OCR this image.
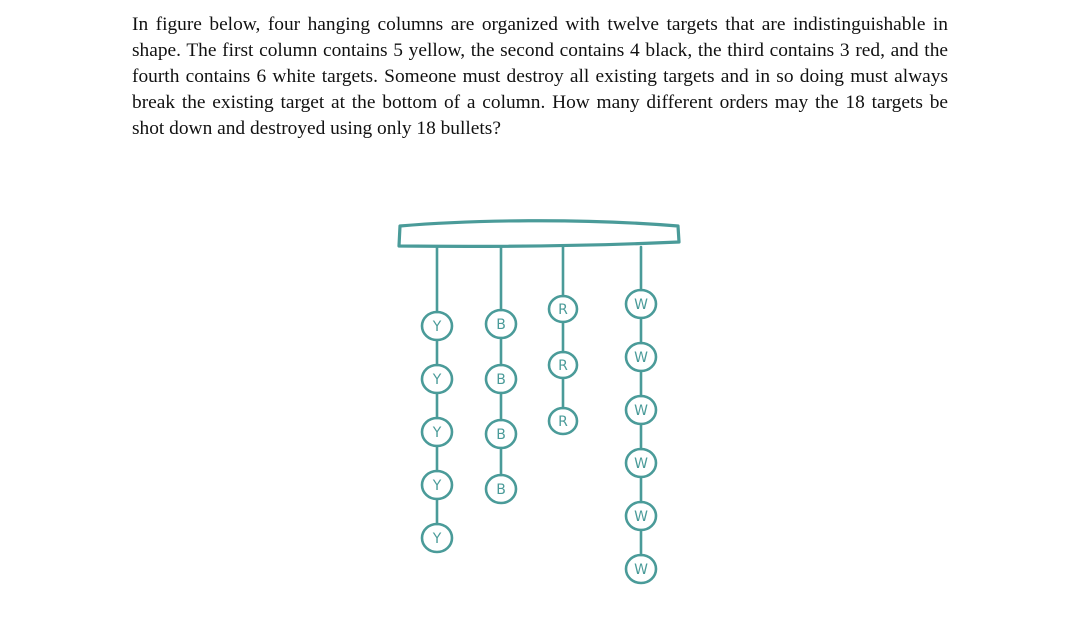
In figure below, four hanging columns are organized with twelve targets that are indistinguishable in shape. The first column contains 5 yellow, the second contains 4 black, the third contains 3 red, and the fourth contains 6 white targets. Someone must destroy all existing targets and in so doing must always break the existing target at the bottom of a column. How many different orders may the 18 targets be shot down and destroyed using only 18 bullets?

Y
Y
Y
Y
Y
B
B
B
B
R
R
R
W
W
W
W
W
W
